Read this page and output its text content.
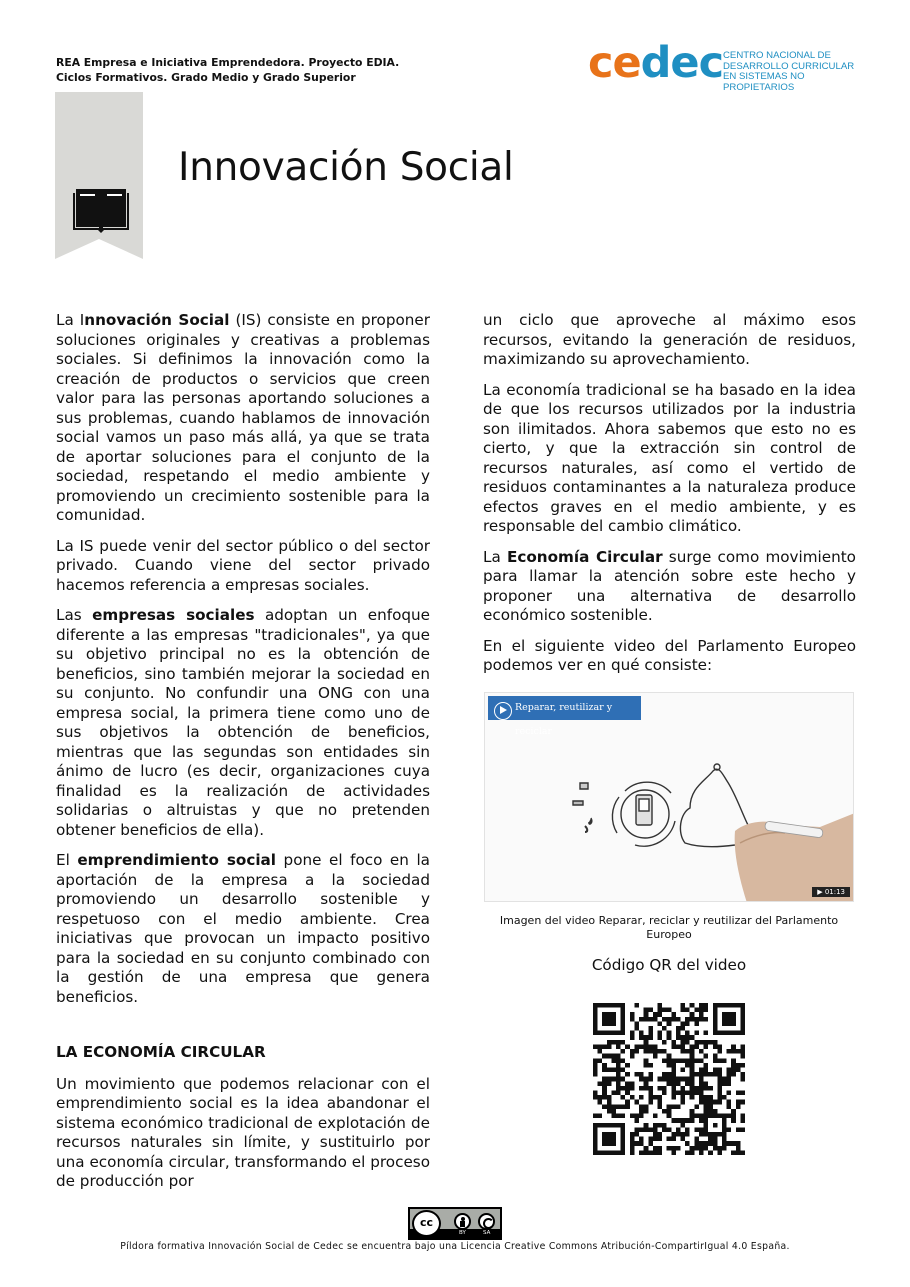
REA Empresa e Iniciativa Emprendedora. Proyecto EDIA.
Ciclos Formativos. Grado Medio y Grado Superior	cedec CENTRO NACIONAL DE
DESARROLLO CURRICULAR
EN SISTEMAS NO PROPIETARIOS
Innovación Social

La Innovación Social (IS) consiste en proponer soluciones originales y creativas a problemas sociales. Si definimos la innovación como la creación de productos o servicios que creen valor para las personas aportando soluciones a sus problemas, cuando hablamos de innovación social vamos un paso más allá, ya que se trata de aportar soluciones para el conjunto de la sociedad, respetando el medio ambiente y promoviendo un crecimiento sostenible para la comunidad.

La IS puede venir del sector público o del sector privado. Cuando viene del sector privado hacemos referencia a empresas sociales.

Las empresas sociales adoptan un enfoque diferente a las empresas "tradicionales", ya que su objetivo principal no es la obtención de beneficios, sino también mejorar la sociedad en su conjunto. No confundir una ONG con una empresa social, la primera tiene como uno de sus objetivos la obtención de beneficios, mientras que las segundas son entidades sin ánimo de lucro (es decir, organizaciones cuya finalidad es la realización de actividades solidarias o altruistas y que no pretenden obtener beneficios de ella).

El emprendimiento social pone el foco en la aportación de la empresa a la sociedad promoviendo un desarrollo sostenible y respetuoso con el medio ambiente. Crea iniciativas que provocan un impacto positivo para la sociedad en su conjunto combinado con la gestión de una empresa que genera beneficios.

LA ECONOMÍA CIRCULAR

Un movimiento que podemos relacionar con el emprendimiento social es la idea abandonar el sistema económico tradicional de explotación de recursos naturales sin límite, y sustituirlo por una economía circular, transformando el proceso de producción por

un ciclo que aproveche al máximo esos recursos, evitando la generación de residuos, maximizando su aprovechamiento.

La economía tradicional se ha basado en la idea de que los recursos utilizados por la industria son ilimitados. Ahora sabemos que esto no es cierto, y que la extracción sin control de recursos naturales, así como el vertido de residuos contaminantes a la naturaleza produce efectos graves en el medio ambiente, y es responsable del cambio climático.

La Economía Circular surge como movimiento para llamar la atención sobre este hecho y proponer una alternativa de desarrollo económico sostenible.

En el siguiente video del Parlamento Europeo podemos ver en qué consiste:

Reparar, reutilizar y reciclar
▶ 01:13
Imagen del video Reparar, reciclar y reutilizar del Parlamento Europeo
Código QR del video
cc
BY	SA
Píldora formativa Innovación Social de Cedec se encuentra bajo una Licencia Creative Commons Atribución-CompartirIgual 4.0 España.
